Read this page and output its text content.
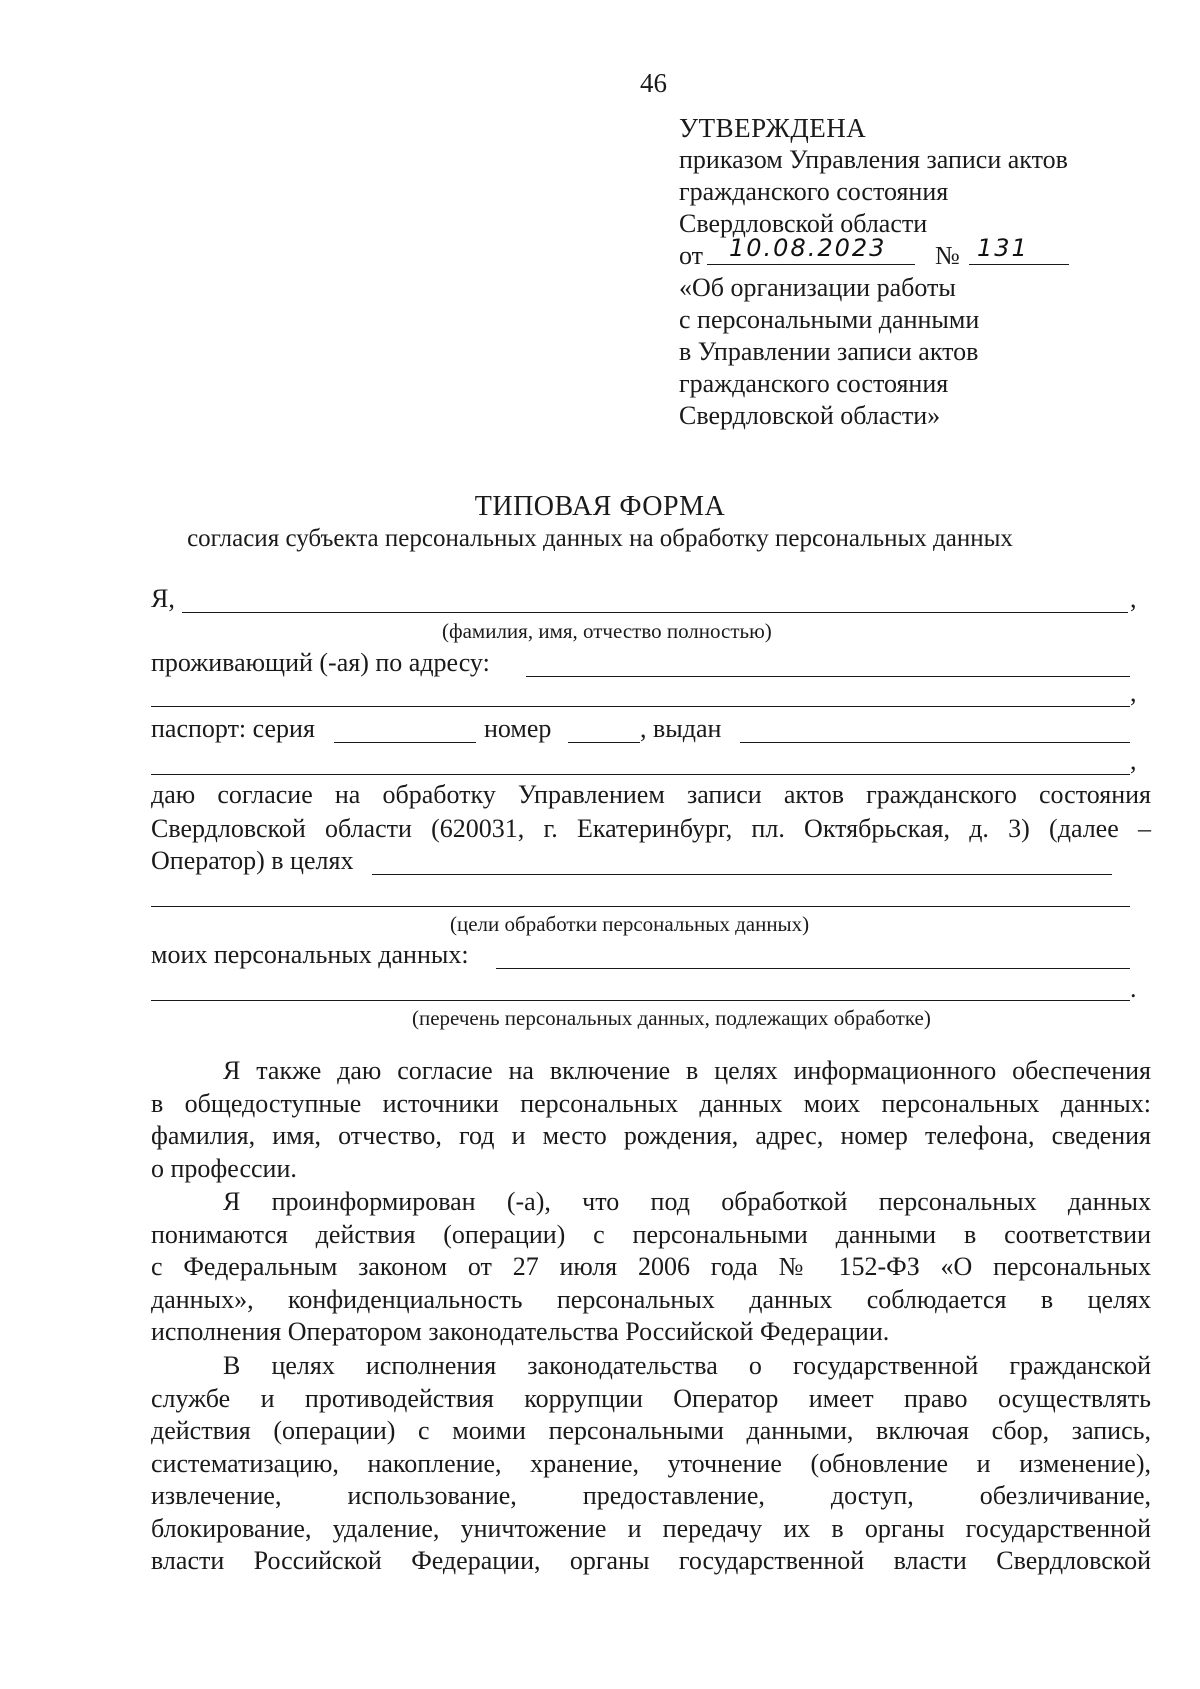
46
УТВЕРЖДЕНА
приказом Управления записи актов
гражданского состояния
Свердловской области
от 10.08.2023 № 131
«Об организации работы
с персональными данными
в Управлении записи актов
гражданского состояния
Свердловской области»
ТИПОВАЯ ФОРМА
согласия субъекта персональных данных на обработку персональных данных
Я,	,
(фамилия, имя, отчество полностью)
проживающий (-ая) по адресу:
,
паспорт: серия	номер	, выдан
,
даю согласие на обработку Управлением записи актов гражданского состояния
Свердловской области (620031, г. Екатеринбург, пл. Октябрьская, д. 3) (далее –
Оператор) в целях
(цели обработки персональных данных)
моих персональных данных:
.
(перечень персональных данных, подлежащих обработке)
Я также даю согласие на включение в целях информационного обеспечения
в общедоступные источники персональных данных моих персональных данных:
фамилия, имя, отчество, год и место рождения, адрес, номер телефона, сведения
о профессии.
Я проинформирован (-а), что под обработкой персональных данных
понимаются действия (операции) с персональными данными в соответствии
с Федеральным законом от 27 июля 2006 года № 152-ФЗ «О персональных
данных», конфиденциальность персональных данных соблюдается в целях
исполнения Оператором законодательства Российской Федерации.
В целях исполнения законодательства о государственной гражданской
службе и противодействия коррупции Оператор имеет право осуществлять
действия (операции) с моими персональными данными, включая сбор, запись,
систематизацию, накопление, хранение, уточнение (обновление и изменение),
извлечение, использование, предоставление, доступ, обезличивание,
блокирование, удаление, уничтожение и передачу их в органы государственной
власти Российской Федерации, органы государственной власти Свердловской
